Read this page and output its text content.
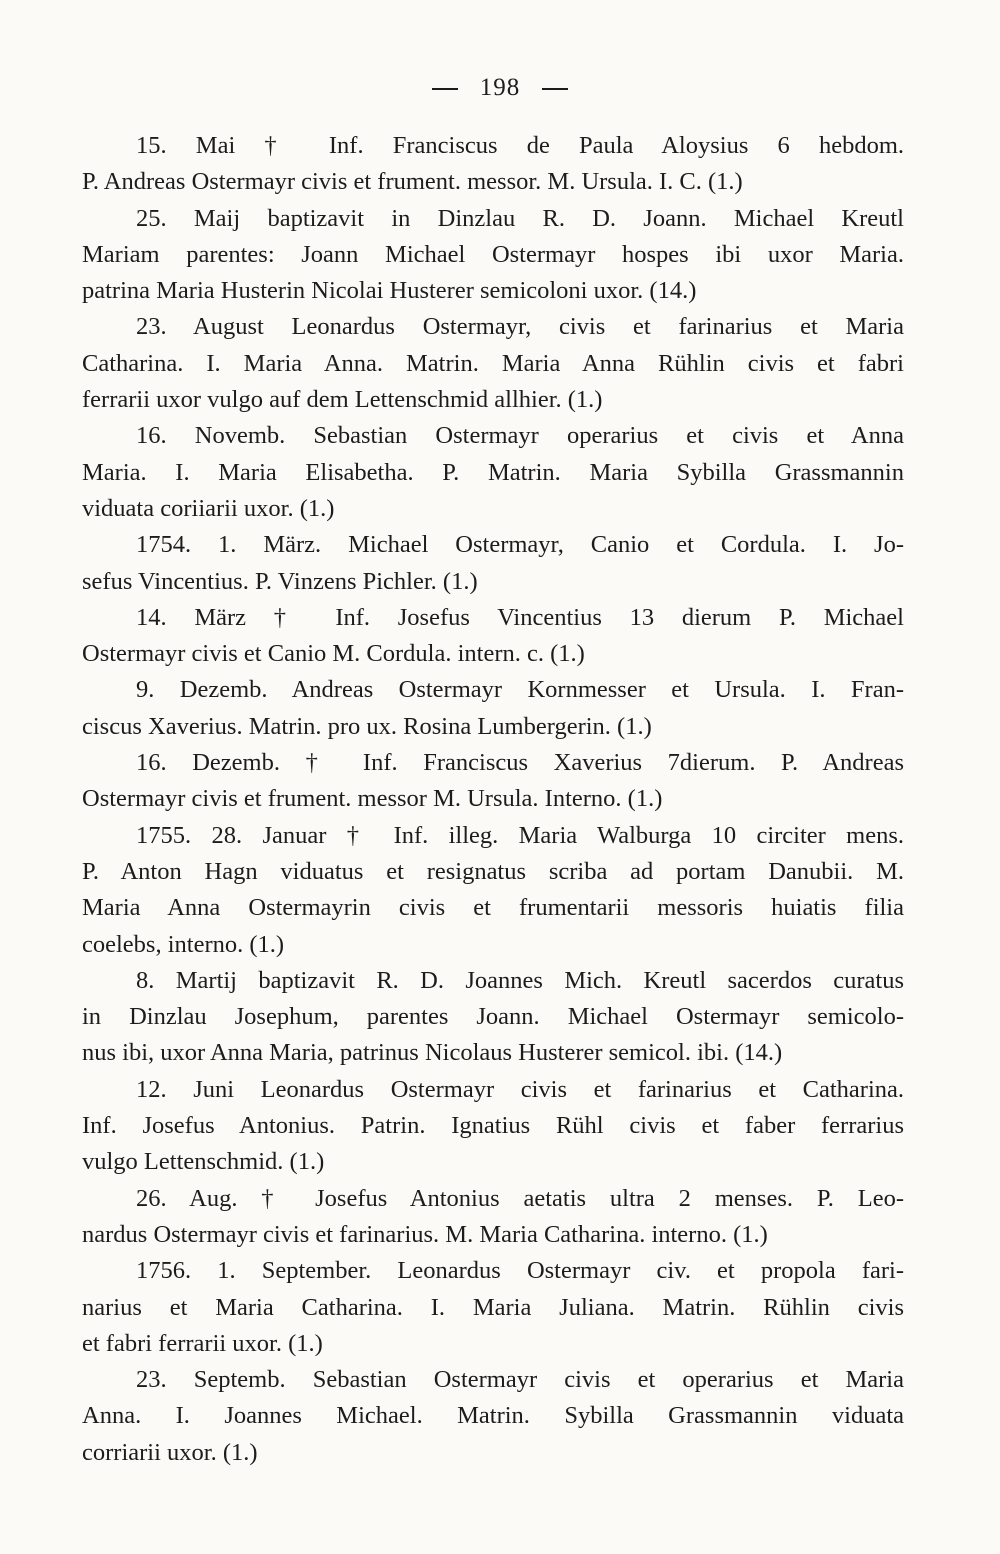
198
15. Mai † Inf. Franciscus de Paula Aloysius 6 hebdom.
P. Andreas Ostermayr civis et frument. messor. M. Ursula. I. C. (1.)
25. Maij baptizavit in Dinzlau R. D. Joann. Michael Kreutl
Mariam parentes: Joann Michael Ostermayr hospes ibi uxor Maria.
patrina Maria Husterin Nicolai Husterer semicoloni uxor. (14.)
23. August Leonardus Ostermayr, civis et farinarius et Maria
Catharina. I. Maria Anna. Matrin. Maria Anna Rühlin civis et fabri
ferrarii uxor vulgo auf dem Lettenschmid allhier. (1.)
16. Novemb. Sebastian Ostermayr operarius et civis et Anna
Maria. I. Maria Elisabetha. P. Matrin. Maria Sybilla Grassmannin
viduata coriiarii uxor. (1.)
1754. 1. März. Michael Ostermayr, Canio et Cordula. I. Jo-
sefus Vincentius. P. Vinzens Pichler. (1.)
14. März † Inf. Josefus Vincentius 13 dierum P. Michael
Ostermayr civis et Canio M. Cordula. intern. c. (1.)
9. Dezemb. Andreas Ostermayr Kornmesser et Ursula. I. Fran-
ciscus Xaverius. Matrin. pro ux. Rosina Lumbergerin. (1.)
16. Dezemb. † Inf. Franciscus Xaverius 7dierum. P. Andreas
Ostermayr civis et frument. messor M. Ursula. Interno. (1.)
1755. 28. Januar † Inf. illeg. Maria Walburga 10 circiter mens.
P. Anton Hagn viduatus et resignatus scriba ad portam Danubii. M.
Maria Anna Ostermayrin civis et frumentarii messoris huiatis filia
coelebs, interno. (1.)
8. Martij baptizavit R. D. Joannes Mich. Kreutl sacerdos curatus
in Dinzlau Josephum, parentes Joann. Michael Ostermayr semicolo-
nus ibi, uxor Anna Maria, patrinus Nicolaus Husterer semicol. ibi. (14.)
12. Juni Leonardus Ostermayr civis et farinarius et Catharina.
Inf. Josefus Antonius. Patrin. Ignatius Rühl civis et faber ferrarius
vulgo Lettenschmid. (1.)
26. Aug. † Josefus Antonius aetatis ultra 2 menses. P. Leo-
nardus Ostermayr civis et farinarius. M. Maria Catharina. interno. (1.)
1756. 1. September. Leonardus Ostermayr civ. et propola fari-
narius et Maria Catharina. I. Maria Juliana. Matrin. Rühlin civis
et fabri ferrarii uxor. (1.)
23. Septemb. Sebastian Ostermayr civis et operarius et Maria
Anna. I. Joannes Michael. Matrin. Sybilla Grassmannin viduata
corriarii uxor. (1.)
